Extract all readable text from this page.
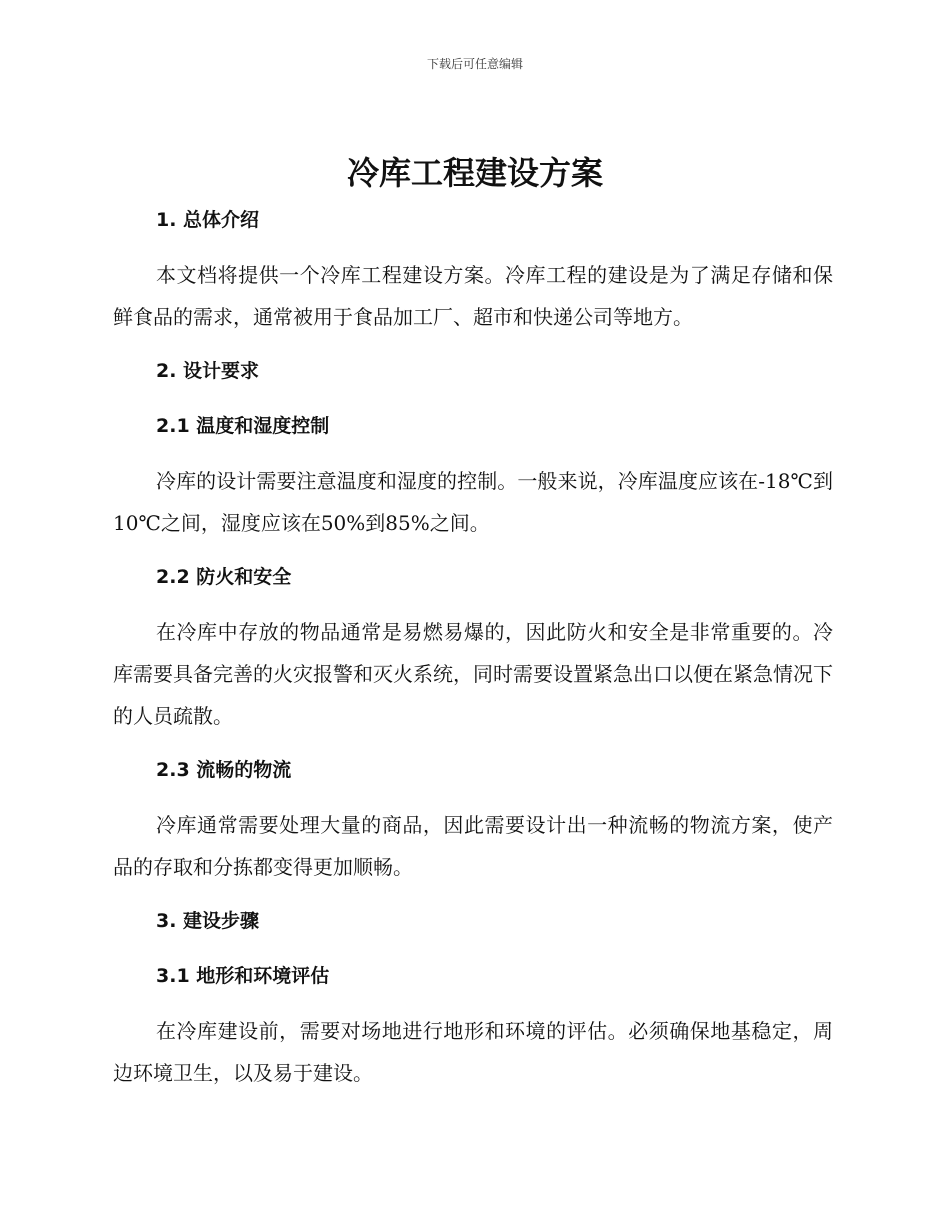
下载后可任意编辑
冷库工程建设方案
1. 总体介绍

本文档将提供一个冷库工程建设方案。冷库工程的建设是为了满足存储和保鲜食品的需求，通常被用于食品加工厂、超市和快递公司等地方。

2. 设计要求
2.1 温度和湿度控制

冷库的设计需要注意温度和湿度的控制。一般来说，冷库温度应该在-18℃到10℃之间，湿度应该在50%到85%之间。

2.2 防火和安全

在冷库中存放的物品通常是易燃易爆的，因此防火和安全是非常重要的。冷库需要具备完善的火灾报警和灭火系统，同时需要设置紧急出口以便在紧急情况下的人员疏散。

2.3 流畅的物流

冷库通常需要处理大量的商品，因此需要设计出一种流畅的物流方案，使产品的存取和分拣都变得更加顺畅。

3. 建设步骤
3.1 地形和环境评估

在冷库建设前，需要对场地进行地形和环境的评估。必须确保地基稳定，周边环境卫生，以及易于建设。
